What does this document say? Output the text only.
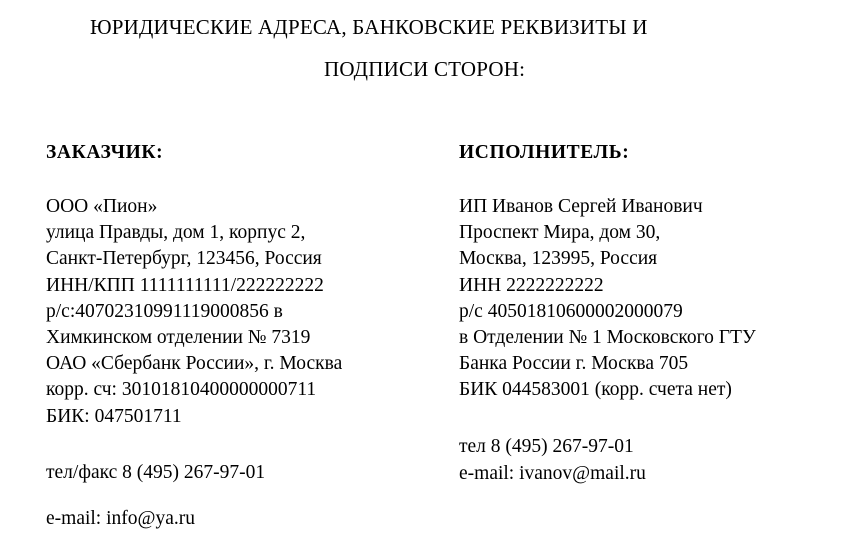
ЮРИДИЧЕСКИЕ АДРЕСА, БАНКОВСКИЕ РЕКВИЗИТЫ И
ПОДПИСИ СТОРОН:
ЗАКАЗЧИК:
ООО «Пион»
улица Правды, дом 1, корпус 2,
Санкт-Петербург, 123456, Россия
ИНН/КПП 1111111111/222222222
р/с:40702310991119000856 в
Химкинском отделении № 7319
ОАО «Сбербанк России», г. Москва
корр. сч: 30101810400000000711
БИК: 047501711
тел/факс 8 (495) 267-97-01
e-mail: info@ya.ru
ИСПОЛНИТЕЛЬ:
ИП Иванов Сергей Иванович
Проспект Мира, дом 30,
Москва, 123995, Россия
ИНН 2222222222
р/с 40501810600002000079
в Отделении № 1 Московского ГТУ
Банка России г. Москва 705
БИК 044583001 (корр. счета нет)
тел 8 (495) 267-97-01
e-mail: ivanov@mail.ru
